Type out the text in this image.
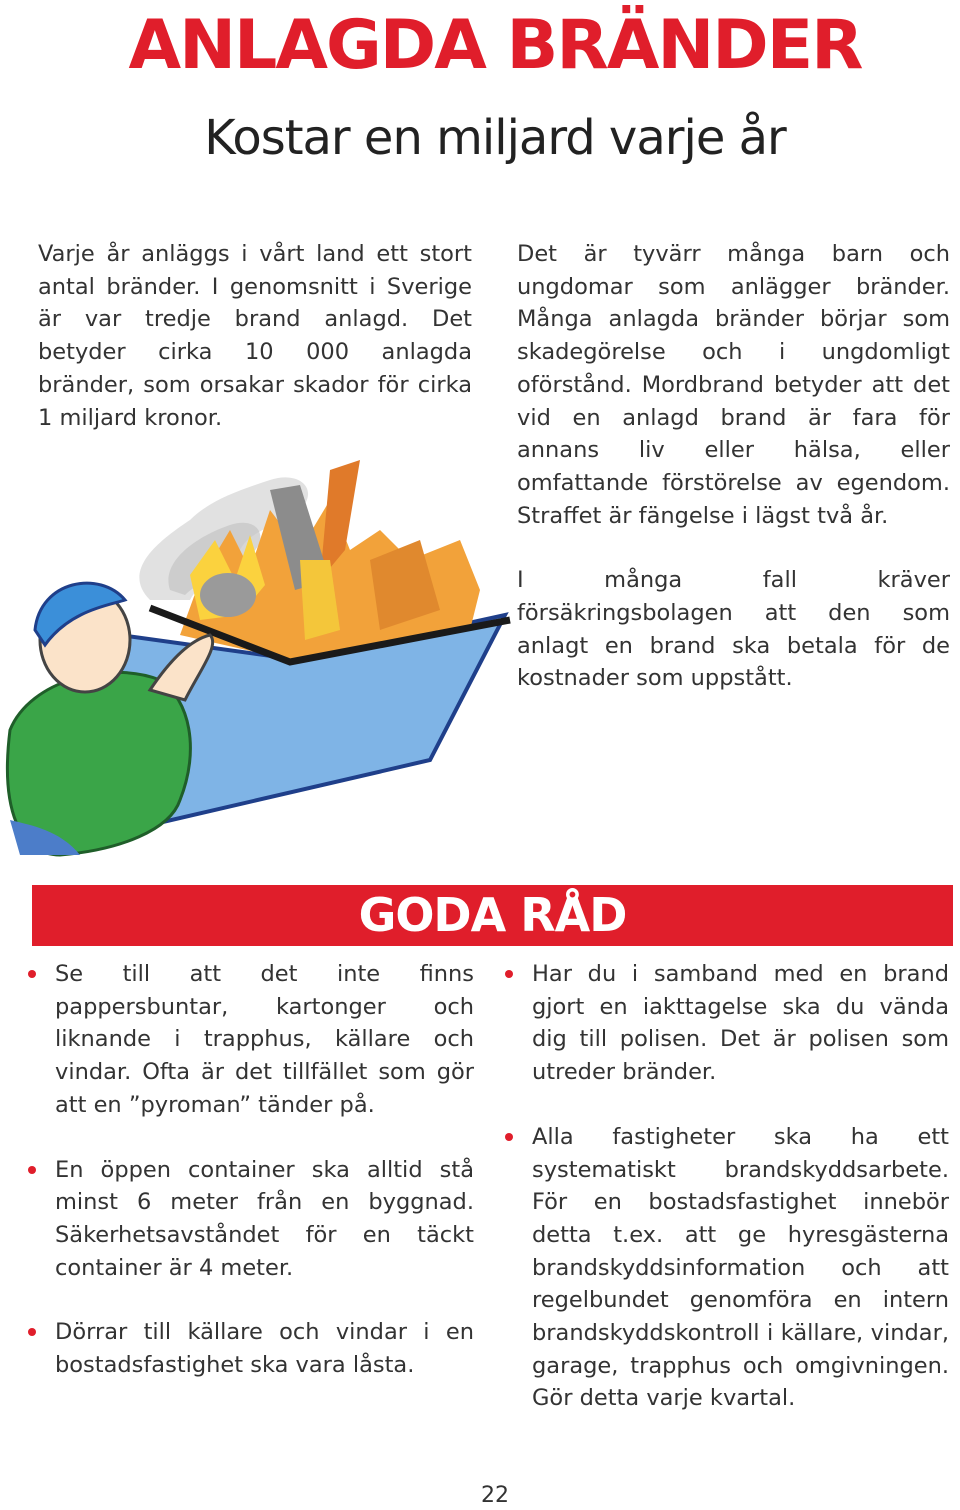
ANLAGDA BRÄNDER
Kostar en miljard varje år

Varje år anläggs i vårt land ett stort antal bränder. I genomsnitt i Sverige är var tredje brand anlagd. Det betyder cirka 10 000 anlagda bränder, som orsakar skador för cirka 1 miljard kronor.

Det är tyvärr många barn och ungdomar som anlägger bränder. Många anlagda bränder börjar som skadegörelse och i ungdomligt oförstånd. Mordbrand betyder att det vid en anlagd brand är fara för annans liv eller hälsa, eller omfattande förstörelse av egendom. Straffet är fängelse i lägst två år.

I många fall kräver försäkringsbolagen att den som anlagt en brand ska betala för de kostnader som uppstått.

GODA RÅD
Se till att det inte finns pappersbuntar, kartonger och liknande i trapphus, källare och vindar. Ofta är det tillfället som gör att en ”pyroman” tänder på.
En öppen container ska alltid stå minst 6 meter från en byggnad. Säkerhetsavståndet för en täckt container är 4 meter.
Dörrar till källare och vindar i en bostadsfastighet ska vara låsta.
Har du i samband med en brand gjort en iakttagelse ska du vända dig till polisen. Det är polisen som utreder bränder.
Alla fastigheter ska ha ett systematiskt brandskyddsarbete. För en bostadsfastighet innebör detta t.ex. att ge hyresgästerna brandskyddsinformation och att regelbundet genomföra en intern brandskyddskontroll i källare, vindar, garage, trapphus och omgivningen. Gör detta varje kvartal.
22
